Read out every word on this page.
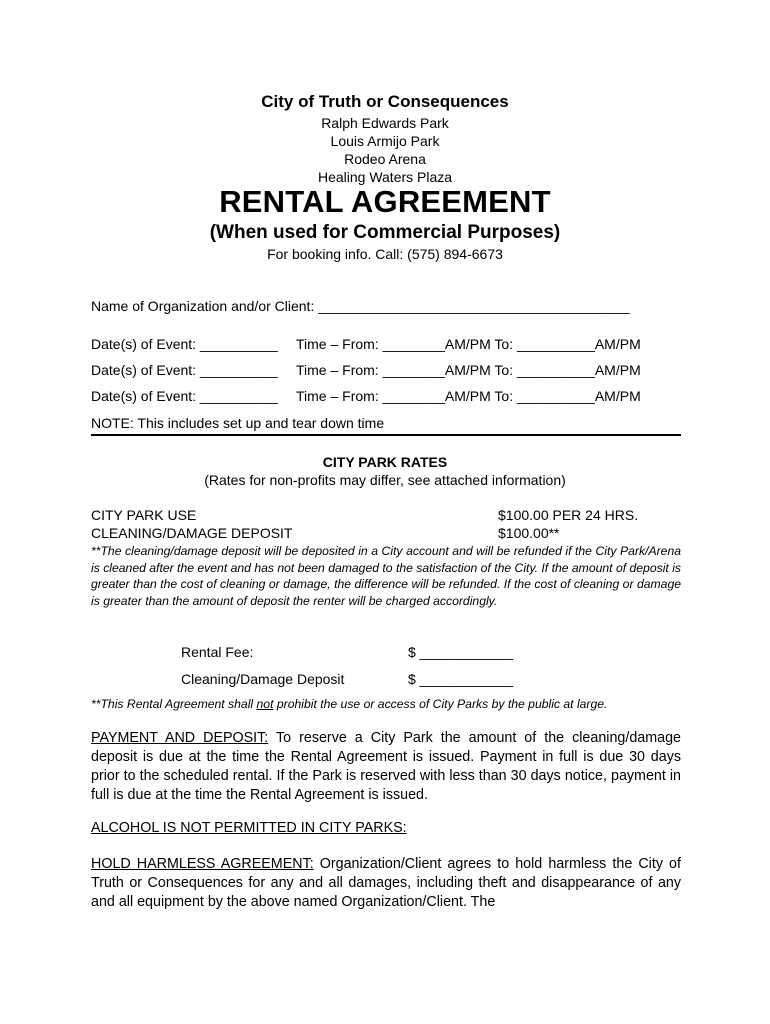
City of Truth or Consequences
Ralph Edwards Park
Louis Armijo Park
Rodeo Arena
Healing Waters Plaza
RENTAL AGREEMENT
(When used for Commercial Purposes)
For booking info. Call: (575) 894-6673
Name of Organization and/or Client: ________________________________________
Date(s) of Event: __________ Time – From: ________AM/PM To: __________AM/PM
Date(s) of Event: __________ Time – From: ________AM/PM To: __________AM/PM
Date(s) of Event: __________ Time – From: ________AM/PM To: __________AM/PM
NOTE: This includes set up and tear down time
CITY PARK RATES
(Rates for non-profits may differ, see attached information)
CITY PARK USE	$100.00 PER 24 HRS.
CLEANING/DAMAGE DEPOSIT	$100.00**
**The cleaning/damage deposit will be deposited in a City account and will be refunded if the City Park/Arena is cleaned after the event and has not been damaged to the satisfaction of the City. If the amount of deposit is greater than the cost of cleaning or damage, the difference will be refunded. If the cost of cleaning or damage is greater than the amount of deposit the renter will be charged accordingly.
Rental Fee:	$ ____________
Cleaning/Damage Deposit	$ ____________
**This Rental Agreement shall not prohibit the use or access of City Parks by the public at large.
PAYMENT AND DEPOSIT: To reserve a City Park the amount of the cleaning/damage deposit is due at the time the Rental Agreement is issued. Payment in full is due 30 days prior to the scheduled rental. If the Park is reserved with less than 30 days notice, payment in full is due at the time the Rental Agreement is issued.
ALCOHOL IS NOT PERMITTED IN CITY PARKS:
HOLD HARMLESS AGREEMENT: Organization/Client agrees to hold harmless the City of Truth or Consequences for any and all damages, including theft and disappearance of any and all equipment by the above named Organization/Client. The
